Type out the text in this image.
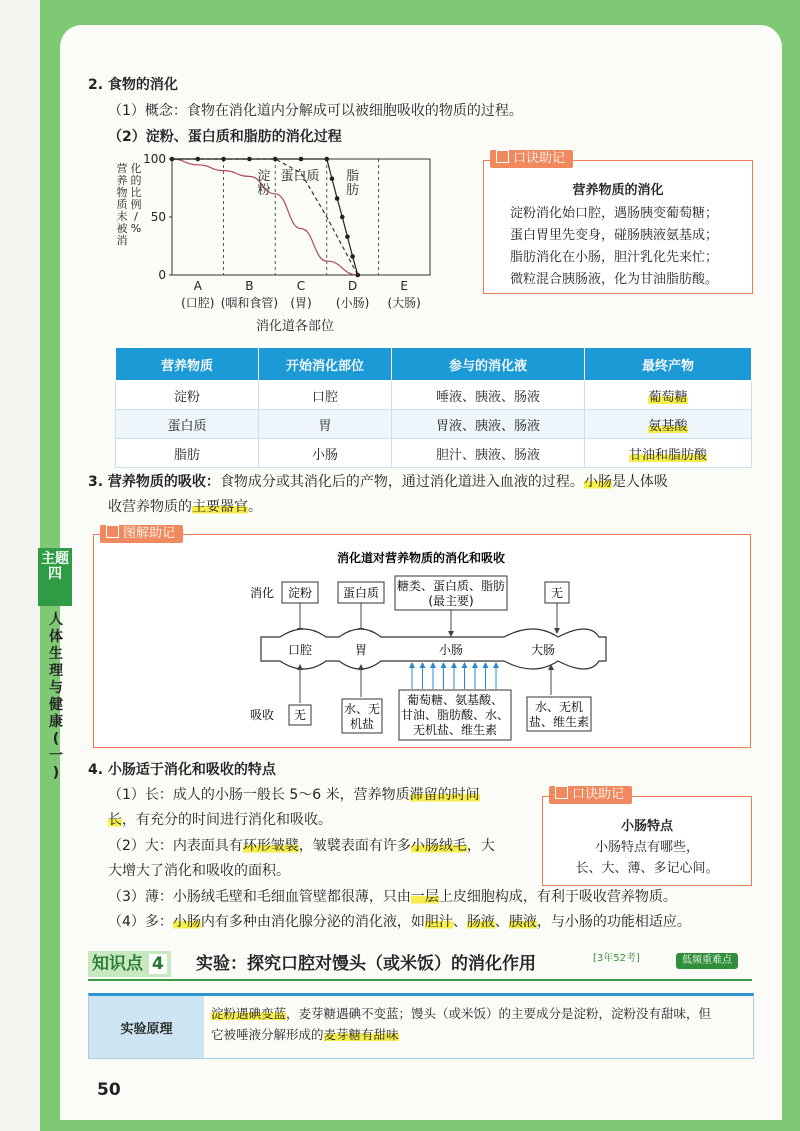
2. 食物的消化
（1）概念：食物在消化道内分解成可以被细胞吸收的物质的过程。
（2）淀粉、蛋白质和脂肪的消化过程
营
养
物
质
未
被
消
化
的
比
例
/
%
100
50
0
A
(口腔)
B
(咽和食管)
C
(胃)
D
(小肠)
E
(大肠)
消化道各部位
淀
粉
蛋白质 脂
肪
口诀助记
营养物质的消化
淀粉消化始口腔，遇肠胰变葡萄糖；
蛋白胃里先变身，碰肠胰液氨基成；
脂肪消化在小肠，胆汁乳化先来忙；
微粒混合胰肠液，化为甘油脂肪酸。
营养物质	开始消化部位	参与的消化液	最终产物
淀粉	口腔	唾液、胰液、肠液	葡萄糖
蛋白质	胃	胃液、胰液、肠液	氨基酸
脂肪	小肠	胆汁、胰液、肠液	甘油和脂肪酸
3. 营养物质的吸收：食物成分或其消化后的产物，通过消化道进入血液的过程。小肠是人体吸
收营养物质的主要器官。
图解助记
消化道对营养物质的消化和吸收
消化
吸收
淀粉	蛋白质 糖类、蛋白质、脂肪
(最主要)
无
口腔	胃	小肠	大肠
无	水、无
机盐
葡萄糖、氨基酸、
甘油、脂肪酸、水、
无机盐、维生素
水、无机
盐、维生素
主题
四
人
体
生
理
与
健
康
(
一
)	4. 小肠适于消化和吸收的特点
（1）长：成人的小肠一般长 5～6 米，营养物质滞留的时间
长，有充分的时间进行消化和吸收。
（2）大：内表面具有环形皱襞，皱襞表面有许多小肠绒毛，大
大增大了消化和吸收的面积。
（3）薄：小肠绒毛壁和毛细血管壁都很薄，只由一层上皮细胞构成，有利于吸收营养物质。
（4）多：小肠内有多种由消化腺分泌的消化液，如胆汁、肠液、胰液，与小肠的功能相适应。
口诀助记
小肠特点
小肠特点有哪些，
长、大、薄、多记心间。
知识点 4	实验：探究口腔对馒头（或米饭）的消化作用	[3年52考]	低频重难点
实验原理
淀粉遇碘变蓝，麦芽糖遇碘不变蓝；馒头（或米饭）的主要成分是淀粉，淀粉没有甜味，但
它被唾液分解形成的麦芽糖有甜味
50
